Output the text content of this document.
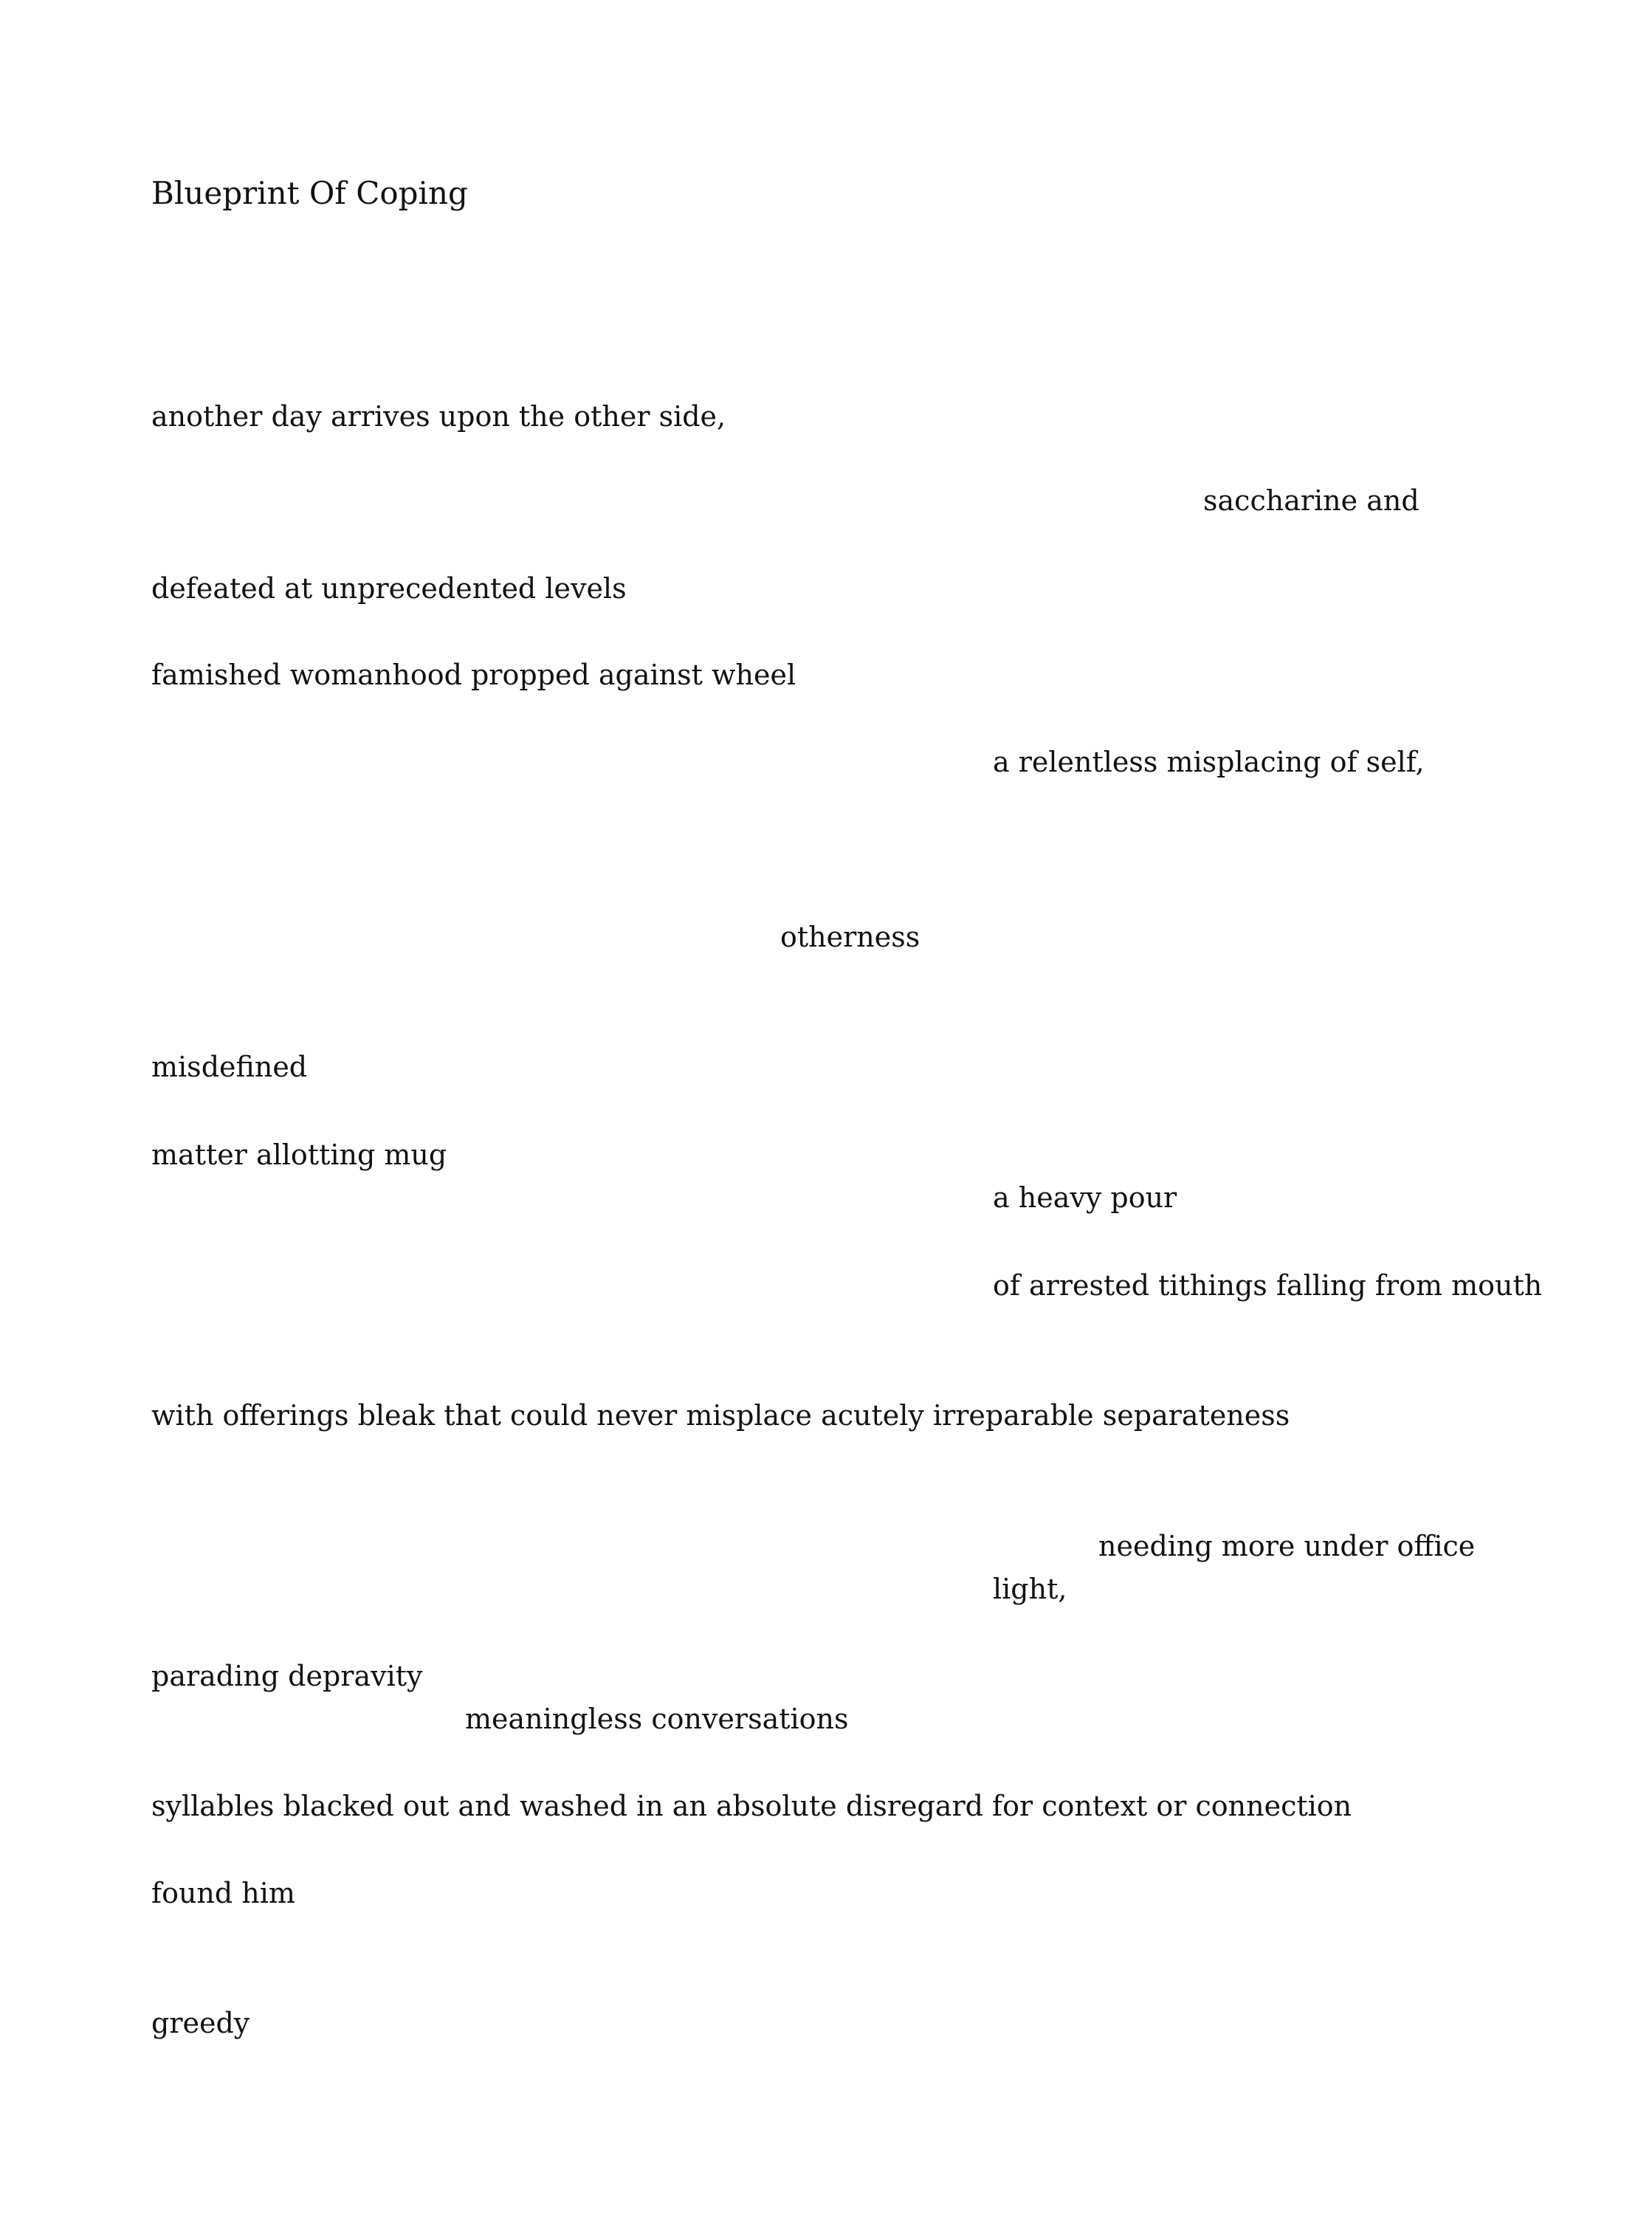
Blueprint Of Coping
another day arrives upon the other side,
saccharine and
defeated at unprecedented levels
famished womanhood propped against wheel
a relentless misplacing of self,
otherness
misdefined
matter allotting mug
a heavy pour
of arrested tithings falling from mouth
with offerings bleak that could never misplace acutely irreparable separateness
needing more under office
light,
parading depravity
meaningless conversations
syllables blacked out and washed in an absolute disregard for context or connection
found him
greedy
